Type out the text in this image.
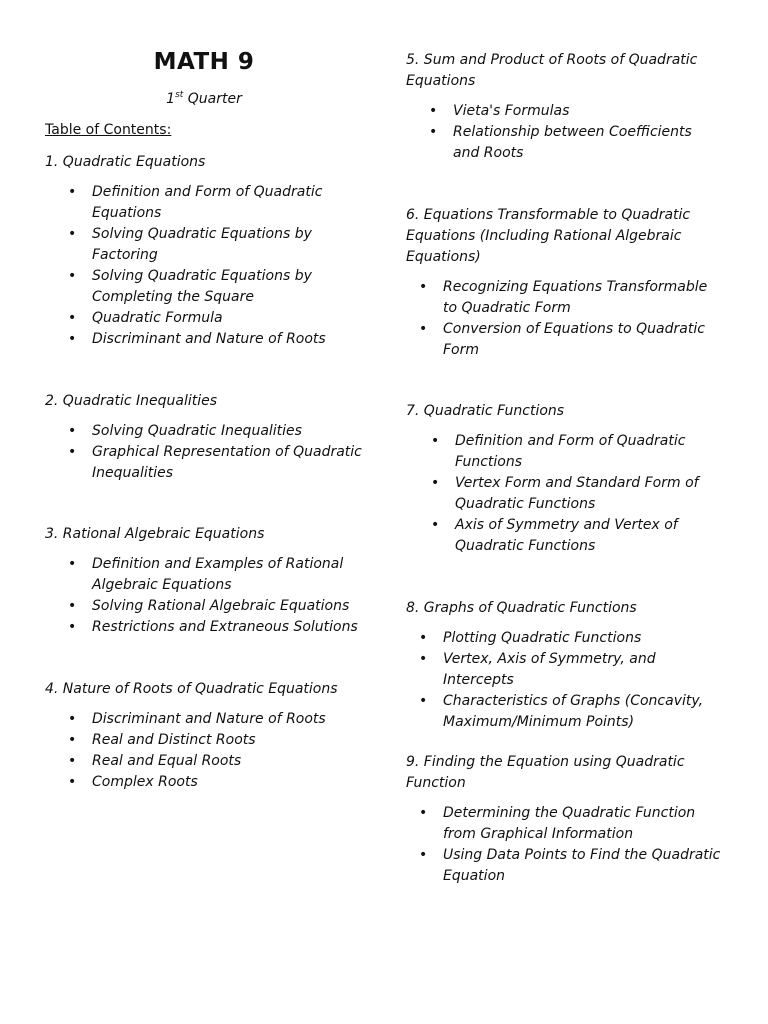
MATH 9

1st Quarter

Table of Contents:

1. Quadratic Equations

• Definition and Form of Quadratic Equations
• Solving Quadratic Equations by Factoring
• Solving Quadratic Equations by Completing the Square
• Quadratic Formula
• Discriminant and Nature of Roots

2. Quadratic Inequalities

• Solving Quadratic Inequalities
• Graphical Representation of Quadratic Inequalities

3. Rational Algebraic Equations

• Definition and Examples of Rational Algebraic Equations
• Solving Rational Algebraic Equations
• Restrictions and Extraneous Solutions

4. Nature of Roots of Quadratic Equations

• Discriminant and Nature of Roots
• Real and Distinct Roots
• Real and Equal Roots
• Complex Roots

5. Sum and Product of Roots of Quadratic Equations

• Vieta's Formulas
• Relationship between Coefficients and Roots

6. Equations Transformable to Quadratic Equations (Including Rational Algebraic Equations)

• Recognizing Equations Transformable to Quadratic Form
• Conversion of Equations to Quadratic Form

7. Quadratic Functions

• Definition and Form of Quadratic Functions
• Vertex Form and Standard Form of Quadratic Functions
• Axis of Symmetry and Vertex of Quadratic Functions

8. Graphs of Quadratic Functions

• Plotting Quadratic Functions
• Vertex, Axis of Symmetry, and Intercepts
• Characteristics of Graphs (Concavity, Maximum/Minimum Points)

9. Finding the Equation using Quadratic Function

• Determining the Quadratic Function from Graphical Information
• Using Data Points to Find the Quadratic Equation
